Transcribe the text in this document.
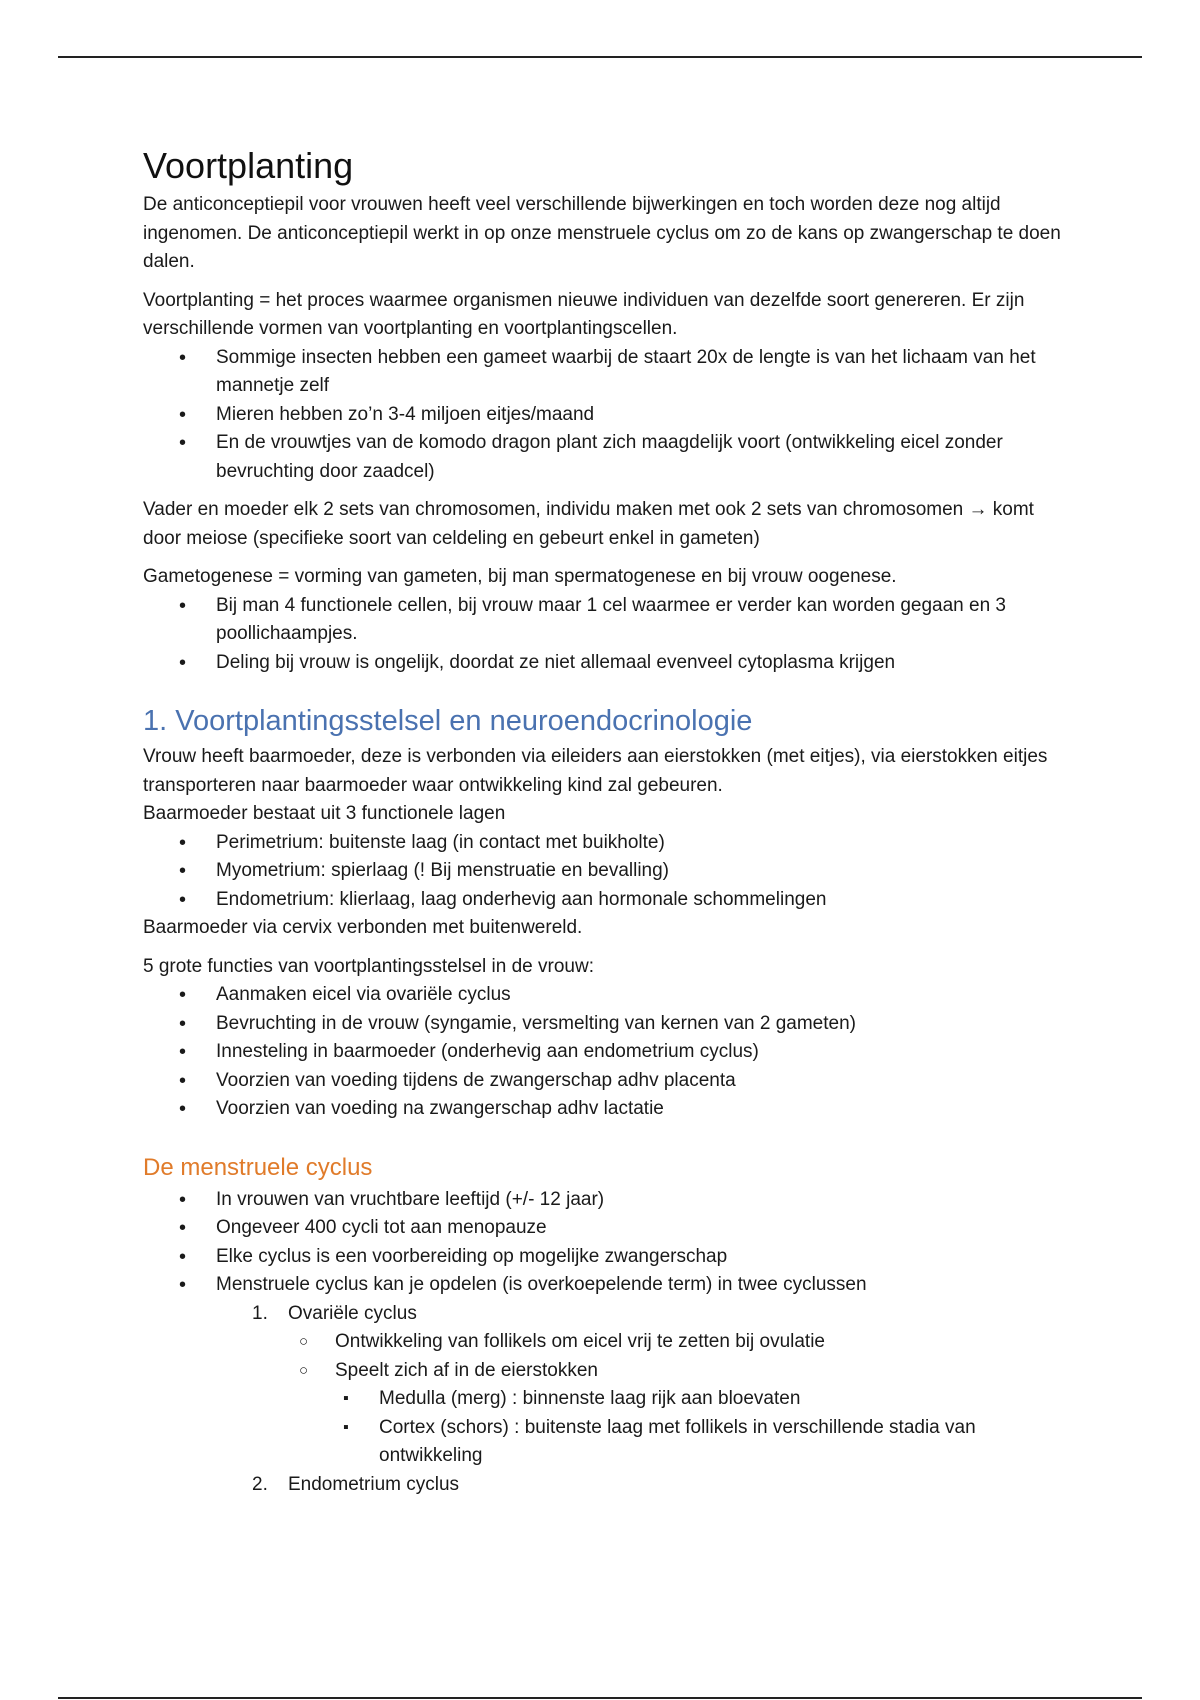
Voortplanting

De anticonceptiepil voor vrouwen heeft veel verschillende bijwerkingen en toch worden deze nog altijd ingenomen. De anticonceptiepil werkt in op onze menstruele cyclus om zo de kans op zwangerschap te doen dalen.

Voortplanting = het proces waarmee organismen nieuwe individuen van dezelfde soort genereren. Er zijn verschillende vormen van voortplanting en voortplantingscellen.

• Sommige insecten hebben een gameet waarbij de staart 20x de lengte is van het lichaam van het mannetje zelf
• Mieren hebben zo’n 3-4 miljoen eitjes/maand
• En de vrouwtjes van de komodo dragon plant zich maagdelijk voort (ontwikkeling eicel zonder bevruchting door zaadcel)

Vader en moeder elk 2 sets van chromosomen, individu maken met ook 2 sets van chromosomen → komt door meiose (specifieke soort van celdeling en gebeurt enkel in gameten)

Gametogenese = vorming van gameten, bij man spermatogenese en bij vrouw oogenese.

• Bij man 4 functionele cellen, bij vrouw maar 1 cel waarmee er verder kan worden gegaan en 3 poollichaampjes.
• Deling bij vrouw is ongelijk, doordat ze niet allemaal evenveel cytoplasma krijgen
1. Voortplantingsstelsel en neuroendocrinologie

Vrouw heeft baarmoeder, deze is verbonden via eileiders aan eierstokken (met eitjes), via eierstokken eitjes transporteren naar baarmoeder waar ontwikkeling kind zal gebeuren.

Baarmoeder bestaat uit 3 functionele lagen

• Perimetrium: buitenste laag (in contact met buikholte)
• Myometrium: spierlaag (! Bij menstruatie en bevalling)
• Endometrium: klierlaag, laag onderhevig aan hormonale schommelingen

Baarmoeder via cervix verbonden met buitenwereld.

5 grote functies van voortplantingsstelsel in de vrouw:

• Aanmaken eicel via ovariële cyclus
• Bevruchting in de vrouw (syngamie, versmelting van kernen van 2 gameten)
• Innesteling in baarmoeder (onderhevig aan endometrium cyclus)
• Voorzien van voeding tijdens de zwangerschap adhv placenta
• Voorzien van voeding na zwangerschap adhv lactatie
De menstruele cyclus
• In vrouwen van vruchtbare leeftijd (+/- 12 jaar)
• Ongeveer 400 cycli tot aan menopauze
• Elke cyclus is een voorbereiding op mogelijke zwangerschap
• Menstruele cyclus kan je opdelen (is overkoepelende term) in twee cyclussen
1. Ovariële cyclus
○ Ontwikkeling van follikels om eicel vrij te zetten bij ovulatie
○ Speelt zich af in de eierstokken
▪ Medulla (merg) : binnenste laag rijk aan bloevaten
▪ Cortex (schors) : buitenste laag met follikels in verschillende stadia van ontwikkeling
2. Endometrium cyclus
